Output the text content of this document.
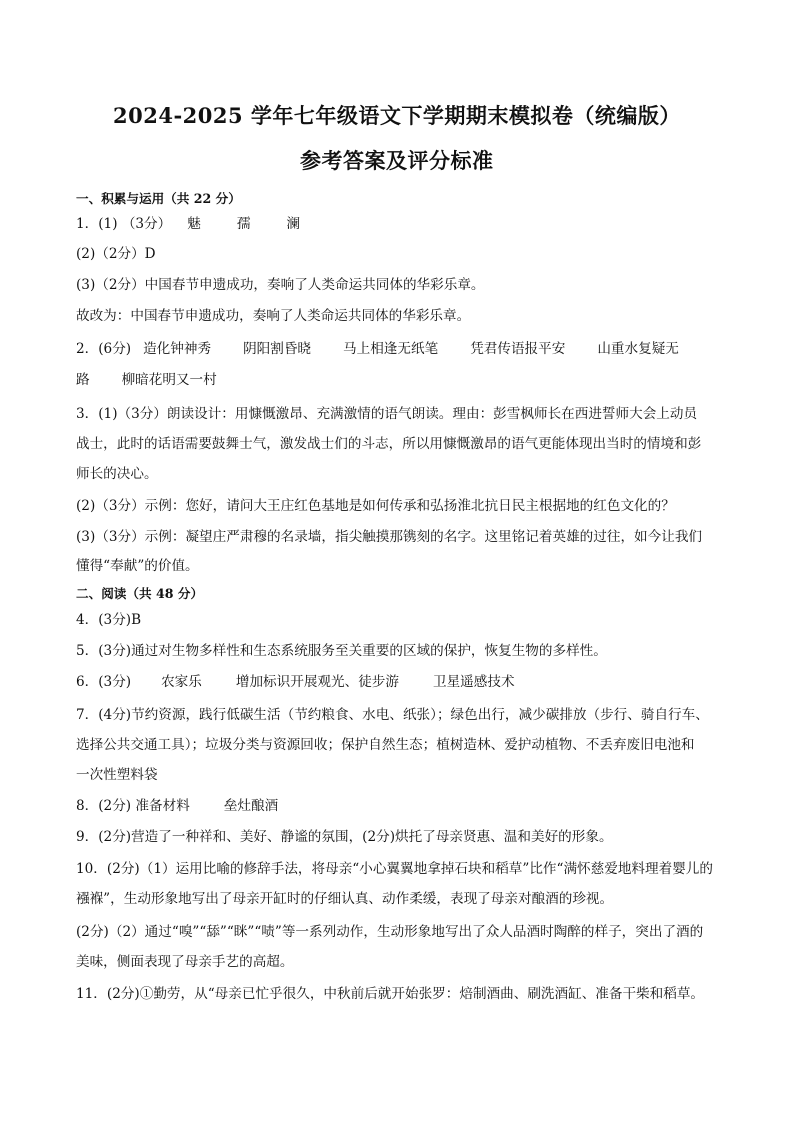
2024-2025 学年七年级语文下学期期末模拟卷（统编版）
参考答案及评分标准
一、积累与运用（共 22 分）
1．(1) （3分） 魅	孺	澜
(2)（2分）D
(3)（2分）中国春节申遗成功，奏响了人类命运共同体的华彩乐章。
故改为：中国春节申遗成功，奏响了人类命运共同体的华彩乐章。
2．(6分) 造化钟神秀 阴阳割昏晓 马上相逢无纸笔 凭君传语报平安 山重水复疑无
路 柳暗花明又一村
3．(1)（3分）朗读设计：用慷慨激昂、充满激情的语气朗读。理由：彭雪枫师长在西进誓师大会上动员
战士，此时的话语需要鼓舞士气，激发战士们的斗志，所以用慷慨激昂的语气更能体现出当时的情境和彭
师长的决心。
(2)（3分）示例：您好，请问大王庄红色基地是如何传承和弘扬淮北抗日民主根据地的红色文化的？
(3)（3分）示例：凝望庄严肃穆的名录墙，指尖触摸那镌刻的名字。这里铭记着英雄的过往，如今让我们
懂得“奉献”的价值。
二、阅读（共 48 分）
4．(3分)B
5．(3分)通过对生物多样性和生态系统服务至关重要的区域的保护，恢复生物的多样性。
6．(3分) 农家乐	增加标识开展观光、徒步游	卫星遥感技术
7．(4分)节约资源，践行低碳生活（节约粮食、水电、纸张）；绿色出行，减少碳排放（步行、骑自行车、
选择公共交通工具）；垃圾分类与资源回收；保护自然生态；植树造林、爱护动植物、不丢弃废旧电池和
一次性塑料袋
8．(2分) 准备材料	垒灶酿酒
9．(2分)营造了一种祥和、美好、静谧的氛围，(2分)烘托了母亲贤惠、温和美好的形象。
10．(2分)（1）运用比喻的修辞手法，将母亲“小心翼翼地拿掉石块和稻草”比作“满怀慈爱地料理着婴儿的
襁褓”，生动形象地写出了母亲开缸时的仔细认真、动作柔缓，表现了母亲对酿酒的珍视。
(2分)（2）通过“嗅”“舔”“眯”“啧”等一系列动作，生动形象地写出了众人品酒时陶醉的样子，突出了酒的
美味，侧面表现了母亲手艺的高超。
11．(2分)①勤劳，从“母亲已忙乎很久，中秋前后就开始张罗：焙制酒曲、刷洗酒缸、准备干柴和稻草。
